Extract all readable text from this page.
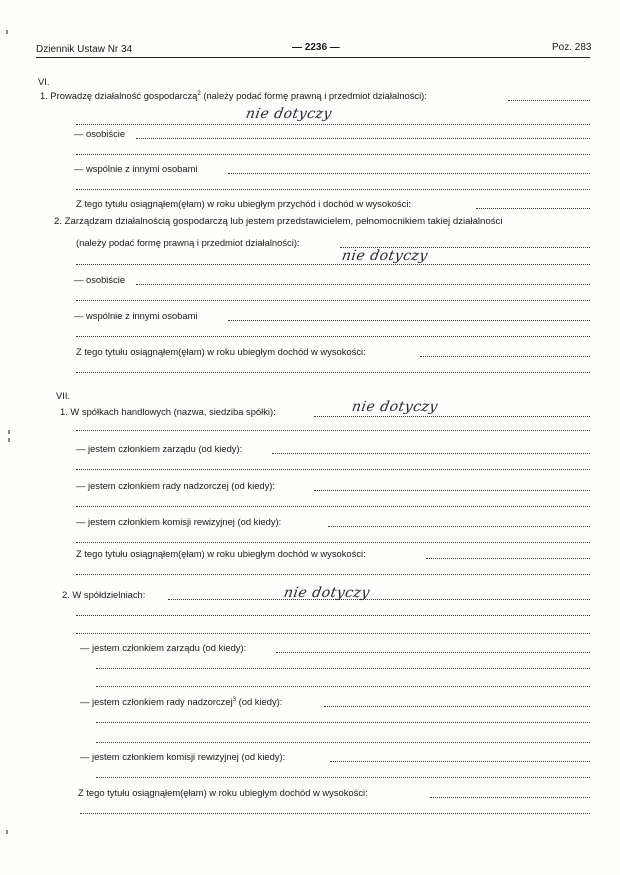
Dziennik Ustaw Nr 34	— 2236 —	Poz. 283
VI.
1. Prowadzę działalność gospodarczą$^2$ (należy podać formę prawną i przedmiot działalności):
nie dotyczy
— osobiście
— wspólnie z innymi osobami
Z tego tytułu osiągnąłem(ęłam) w roku ubiegłym przychód i dochód w wysokości:
2. Zarządzam działalnością gospodarczą lub jestem przedstawicielem, pełnomocnikiem takiej działalności
(należy podać formę prawną i przedmiot działalności):
nie dotyczy
— osobiście
— wspólnie z innymi osobami
Z tego tytułu osiągnąłem(ęłam) w roku ubiegłym dochód w wysokości:
VII.
1. W spółkach handlowych (nazwa, siedziba spółki):	nie dotyczy
— jestem członkiem zarządu (od kiedy):
— jestem członkiem rady nadzorczej (od kiedy):
— jestem członkiem komisji rewizyjnej (od kiedy):
Z tego tytułu osiągnąłem(ęłam) w roku ubiegłym dochód w wysokości:
2. W spółdzielniach:	nie dotyczy
— jestem członkiem zarządu (od kiedy):
— jestem członkiem rady nadzorczej$^3$ (od kiedy):
— jestem członkiem komisji rewizyjnej (od kiedy):
Z tego tytułu osiągnąłem(ęłam) w roku ubiegłym dochód w wysokości:
